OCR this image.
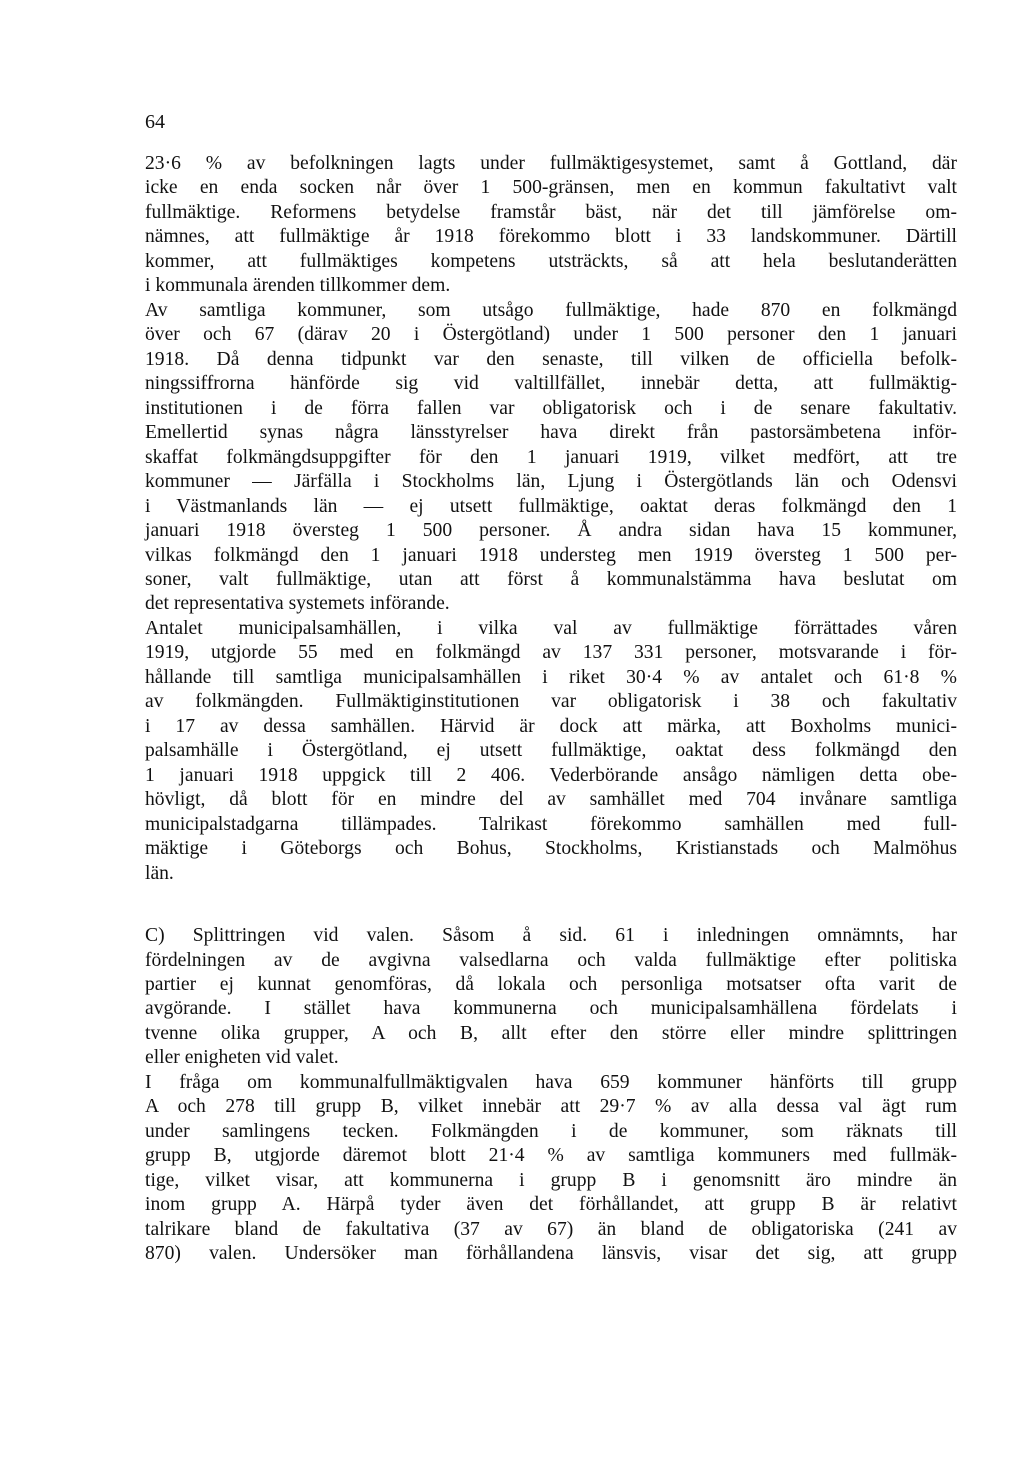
64
23·6 % av befolkningen lagts under fullmäktigesystemet, samt å Gottland, där
icke en enda socken når över 1 500-gränsen, men en kommun fakultativt valt
fullmäktige. Reformens betydelse framstår bäst, när det till jämförelse om-
nämnes, att fullmäktige år 1918 förekommo blott i 33 landskommuner. Därtill
kommer, att fullmäktiges kompetens utsträckts, så att hela beslutanderätten
i kommunala ärenden tillkommer dem.
Av samtliga kommuner, som utsågo fullmäktige, hade 870 en folkmängd
över och 67 (därav 20 i Östergötland) under 1 500 personer den 1 januari
1918. Då denna tidpunkt var den senaste, till vilken de officiella befolk-
ningssiffrorna hänförde sig vid valtillfället, innebär detta, att fullmäktig-
institutionen i de förra fallen var obligatorisk och i de senare fakultativ.
Emellertid synas några länsstyrelser hava direkt från pastorsämbetena inför-
skaffat folkmängdsuppgifter för den 1 januari 1919, vilket medfört, att tre
kommuner — Järfälla i Stockholms län, Ljung i Östergötlands län och Odensvi
i Västmanlands län — ej utsett fullmäktige, oaktat deras folkmängd den 1
januari 1918 översteg 1 500 personer. Å andra sidan hava 15 kommuner,
vilkas folkmängd den 1 januari 1918 understeg men 1919 översteg 1 500 per-
soner, valt fullmäktige, utan att först å kommunalstämma hava beslutat om
det representativa systemets införande.
Antalet municipalsamhällen, i vilka val av fullmäktige förrättades våren
1919, utgjorde 55 med en folkmängd av 137 331 personer, motsvarande i för-
hållande till samtliga municipalsamhällen i riket 30·4 % av antalet och 61·8 %
av folkmängden. Fullmäktiginstitutionen var obligatorisk i 38 och fakultativ
i 17 av dessa samhällen. Härvid är dock att märka, att Boxholms munici-
palsamhälle i Östergötland, ej utsett fullmäktige, oaktat dess folkmängd den
1 januari 1918 uppgick till 2 406. Vederbörande ansågo nämligen detta obe-
hövligt, då blott för en mindre del av samhället med 704 invånare samtliga
municipalstadgarna tillämpades. Talrikast förekommo samhällen med full-
mäktige i Göteborgs och Bohus, Stockholms, Kristianstads och Malmöhus
län.
C) Splittringen vid valen. Såsom å sid. 61 i inledningen omnämnts, har
fördelningen av de avgivna valsedlarna och valda fullmäktige efter politiska
partier ej kunnat genomföras, då lokala och personliga motsatser ofta varit de
avgörande. I stället hava kommunerna och municipalsamhällena fördelats i
tvenne olika grupper, A och B, allt efter den större eller mindre splittringen
eller enigheten vid valet.
I fråga om kommunalfullmäktigvalen hava 659 kommuner hänförts till grupp
A och 278 till grupp B, vilket innebär att 29·7 % av alla dessa val ägt rum
under samlingens tecken. Folkmängden i de kommuner, som räknats till
grupp B, utgjorde däremot blott 21·4 % av samtliga kommuners med fullmäk-
tige, vilket visar, att kommunerna i grupp B i genomsnitt äro mindre än
inom grupp A. Härpå tyder även det förhållandet, att grupp B är relativt
talrikare bland de fakultativa (37 av 67) än bland de obligatoriska (241 av
870) valen. Undersöker man förhållandena länsvis, visar det sig, att grupp
